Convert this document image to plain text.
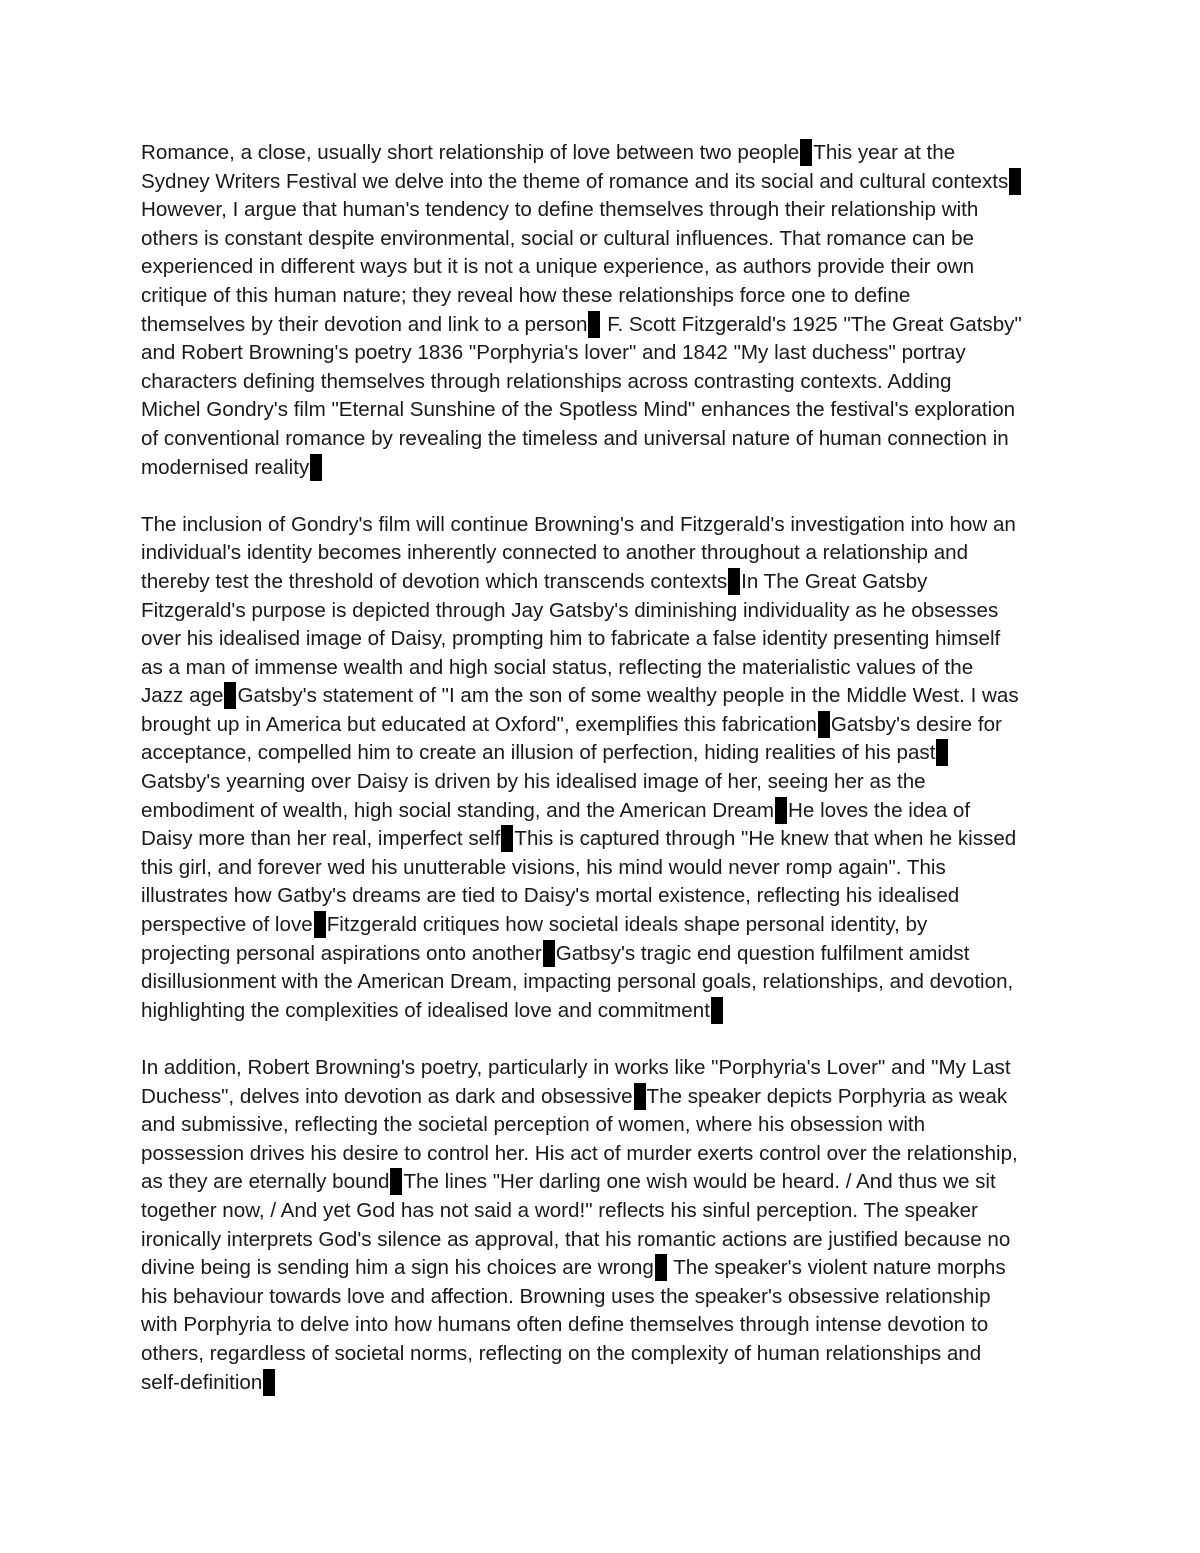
Romance, a close, usually short relationship of love between two people This year at the
Sydney Writers Festival we delve into the theme of romance and its social and cultural contexts
However, I argue that human's tendency to define themselves through their relationship with
others is constant despite environmental, social or cultural influences. That romance can be
experienced in different ways but it is not a unique experience, as authors provide their own
critique of this human nature; they reveal how these relationships force one to define
themselves by their devotion and link to a person F. Scott Fitzgerald's 1925 "The Great Gatsby"
and Robert Browning's poetry 1836 "Porphyria's lover" and 1842 "My last duchess" portray
characters defining themselves through relationships across contrasting contexts. Adding
Michel Gondry's film "Eternal Sunshine of the Spotless Mind" enhances the festival's exploration
of conventional romance by revealing the timeless and universal nature of human connection in
modernised reality
The inclusion of Gondry's film will continue Browning's and Fitzgerald's investigation into how an
individual's identity becomes inherently connected to another throughout a relationship and
thereby test the threshold of devotion which transcends contexts In The Great Gatsby
Fitzgerald's purpose is depicted through Jay Gatsby's diminishing individuality as he obsesses
over his idealised image of Daisy, prompting him to fabricate a false identity presenting himself
as a man of immense wealth and high social status, reflecting the materialistic values of the
Jazz age Gatsby's statement of "I am the son of some wealthy people in the Middle West. I was
brought up in America but educated at Oxford", exemplifies this fabrication Gatsby's desire for
acceptance, compelled him to create an illusion of perfection, hiding realities of his past
Gatsby's yearning over Daisy is driven by his idealised image of her, seeing her as the
embodiment of wealth, high social standing, and the American Dream He loves the idea of
Daisy more than her real, imperfect self This is captured through "He knew that when he kissed
this girl, and forever wed his unutterable visions, his mind would never romp again". This
illustrates how Gatby's dreams are tied to Daisy's mortal existence, reflecting his idealised
perspective of love Fitzgerald critiques how societal ideals shape personal identity, by
projecting personal aspirations onto another Gatbsy's tragic end question fulfilment amidst
disillusionment with the American Dream, impacting personal goals, relationships, and devotion,
highlighting the complexities of idealised love and commitment
In addition, Robert Browning's poetry, particularly in works like "Porphyria's Lover" and "My Last
Duchess", delves into devotion as dark and obsessive The speaker depicts Porphyria as weak
and submissive, reflecting the societal perception of women, where his obsession with
possession drives his desire to control her. His act of murder exerts control over the relationship,
as they are eternally bound The lines "Her darling one wish would be heard. / And thus we sit
together now, / And yet God has not said a word!" reflects his sinful perception. The speaker
ironically interprets God's silence as approval, that his romantic actions are justified because no
divine being is sending him a sign his choices are wrong The speaker's violent nature morphs
his behaviour towards love and affection. Browning uses the speaker's obsessive relationship
with Porphyria to delve into how humans often define themselves through intense devotion to
others, regardless of societal norms, reflecting on the complexity of human relationships and
self-definition
